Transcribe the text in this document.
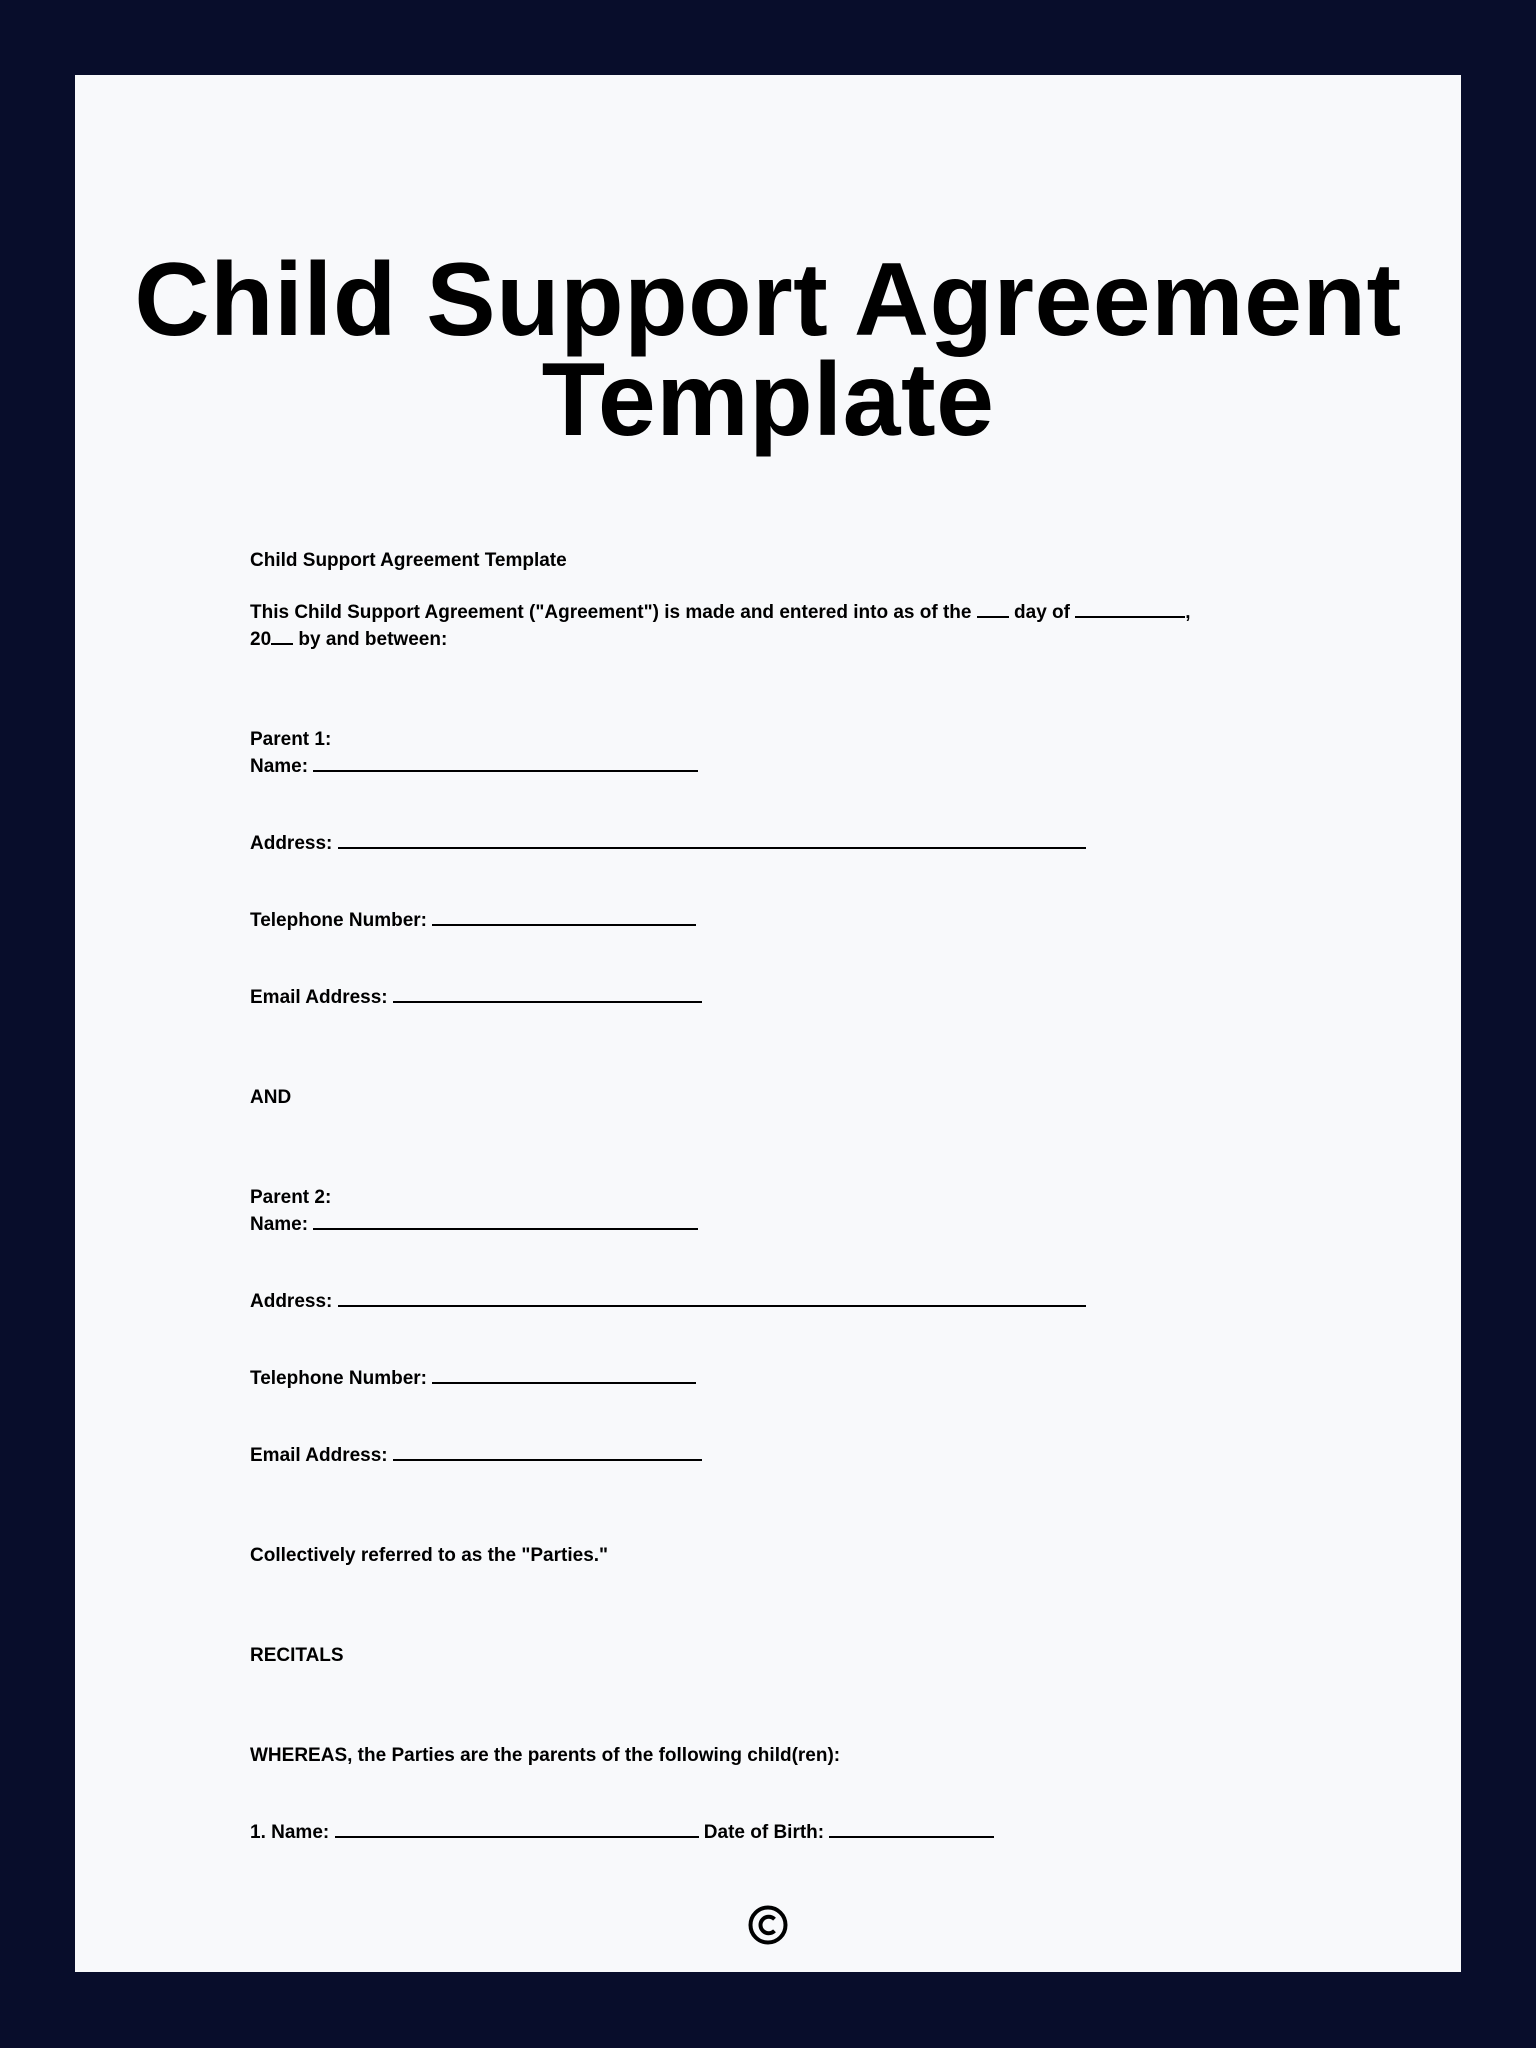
Child Support Agreement
Template
Child Support Agreement Template
This Child Support Agreement ("Agreement") is made and entered into as of the day of	,
20 by and between:
Parent 1:
Name:
Address:
Telephone Number:
Email Address:
AND
Parent 2:
Name:
Address:
Telephone Number:
Email Address:
Collectively referred to as the "Parties."
RECITALS
WHEREAS, the Parties are the parents of the following child(ren):
1. Name:	Date of Birth:
